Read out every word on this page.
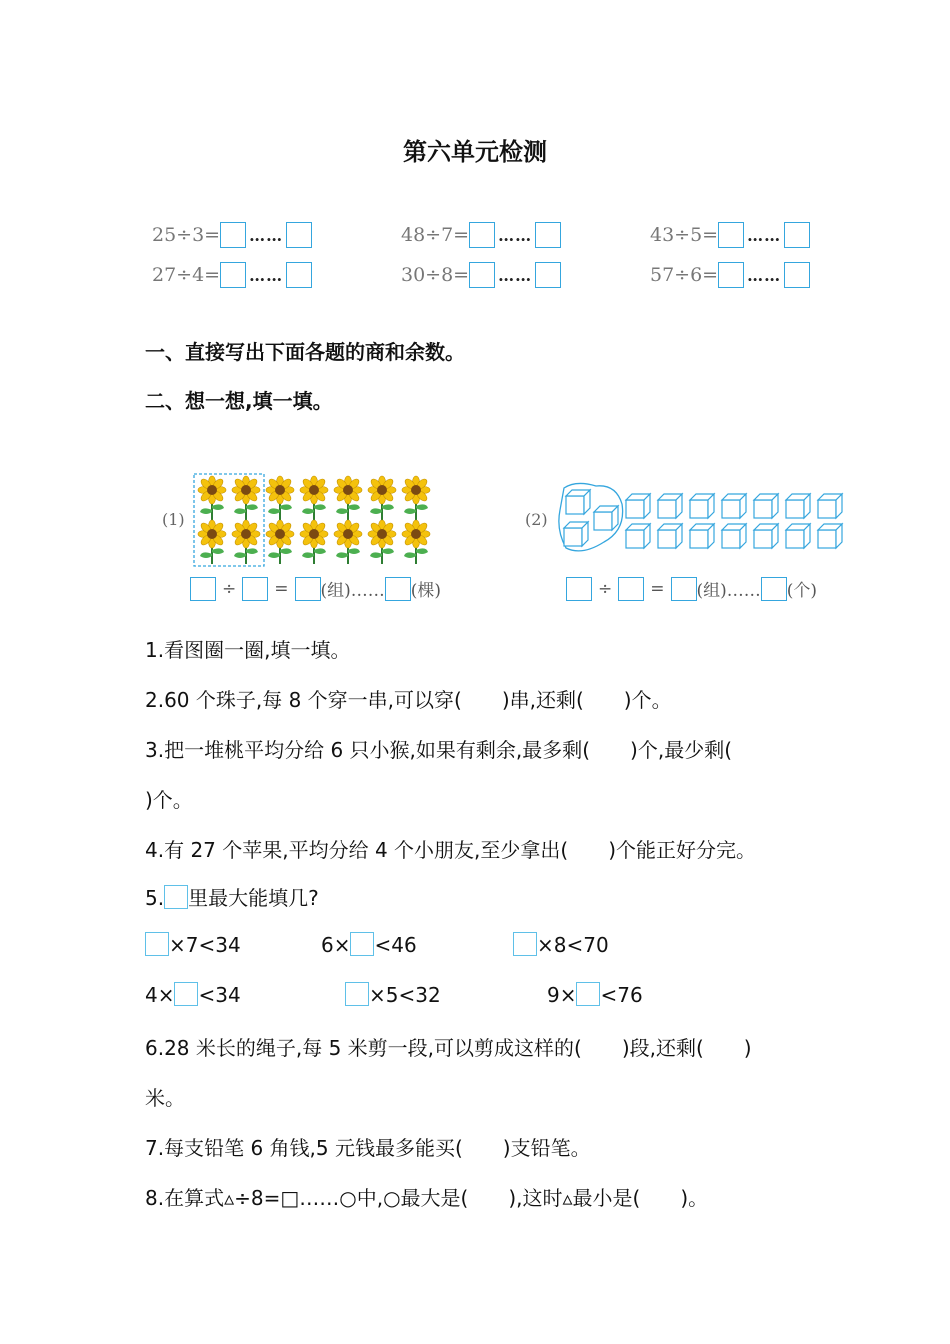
第六单元检测
25÷3= ……	48÷7= ……	43÷5= ……
27÷4= ……	30÷8= ……	57÷6= ……
一、直接写出下面各题的商和余数。
二、想一想,填一填。
(1)
÷ = (组)…… (棵)
(2)
÷ = (组)…… (个)
1.看图圈一圈,填一填。
2.60 个珠子,每 8 个穿一串,可以穿(　　)串,还剩(　　)个。
3.把一堆桃平均分给 6 只小猴,如果有剩余,最多剩(　　)个,最少剩(
)个。
4.有 27 个苹果,平均分给 4 个小朋友,至少拿出(　　)个能正好分完。
5. 里最大能填几?
×7<34	6× <46	×8<70
4× <34	×5<32	9× <76
6.28 米长的绳子,每 5 米剪一段,可以剪成这样的(　　)段,还剩(　　)
米。
7.每支铅笔 6 角钱,5 元钱最多能买(　　)支铅笔。
8.在算式▵÷8=□……○中,○最大是(　　),这时▵最小是(　　)。
